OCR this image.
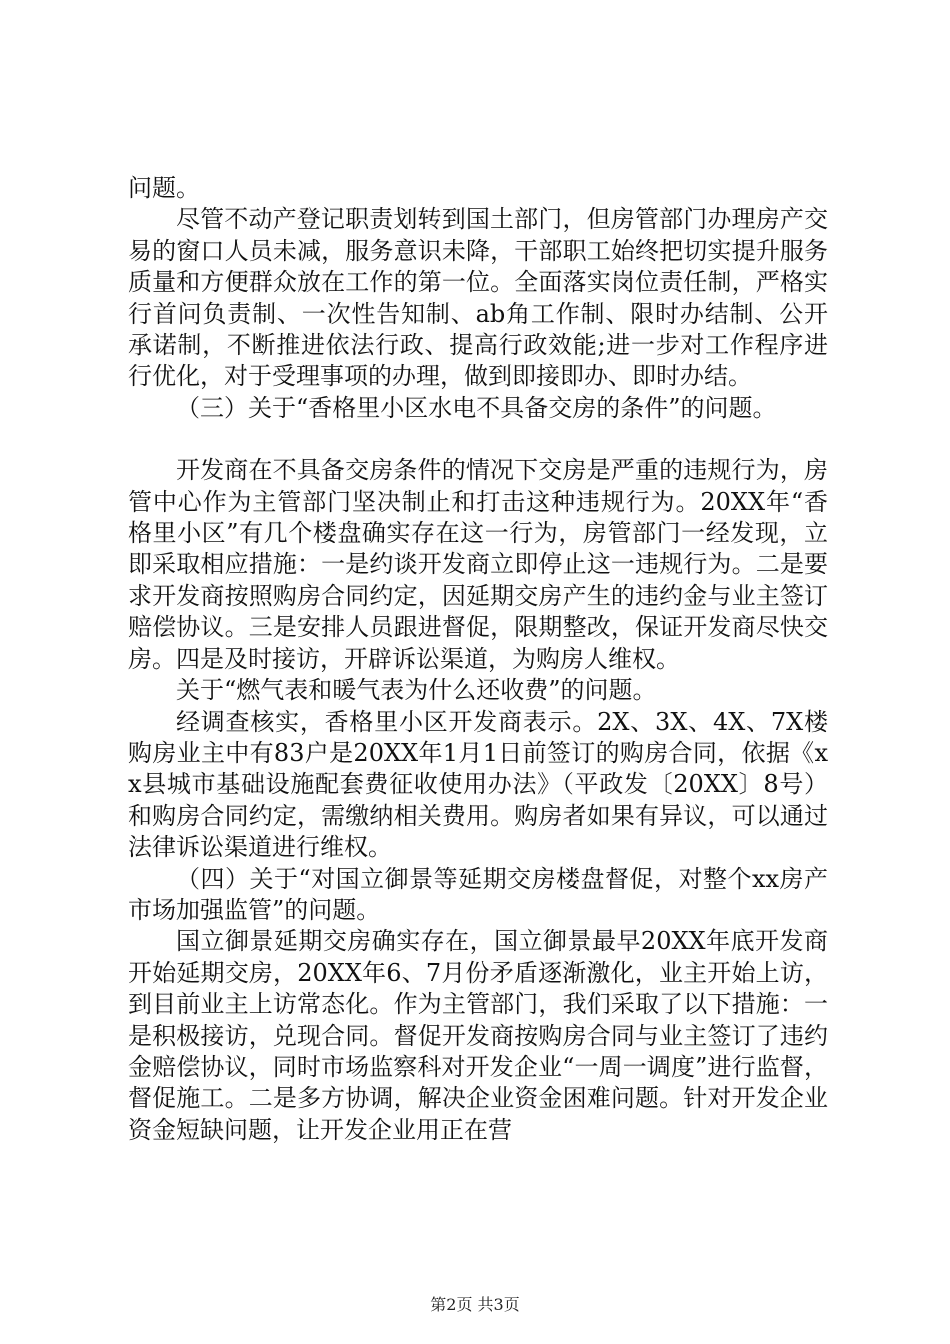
问题。

尽管不动产登记职责划转到国土部门，但房管部门办理房产交易的窗口人员未减，服务意识未降，干部职工始终把切实提升服务质量和方便群众放在工作的第一位。全面落实岗位责任制，严格实行首问负责制、一次性告知制、ab角工作制、限时办结制、公开承诺制，不断推进依法行政、提高行政效能;进一步对工作程序进行优化，对于受理事项的办理，做到即接即办、即时办结。

（三）关于“香格里小区水电不具备交房的条件”的问题。

开发商在不具备交房条件的情况下交房是严重的违规行为，房管中心作为主管部门坚决制止和打击这种违规行为。20XX年“香格里小区”有几个楼盘确实存在这一行为，房管部门一经发现，立即采取相应措施：一是约谈开发商立即停止这一违规行为。二是要求开发商按照购房合同约定，因延期交房产生的违约金与业主签订赔偿协议。三是安排人员跟进督促，限期整改，保证开发商尽快交房。四是及时接访，开辟诉讼渠道，为购房人维权。

关于“燃气表和暖气表为什么还收费”的问题。

经调查核实，香格里小区开发商表示。2X、3X、4X、7X楼购房业主中有83户是20XX年1月1日前签订的购房合同，依据《xx县城市基础设施配套费征收使用办法》（平政发〔20XX〕8号）和购房合同约定，需缴纳相关费用。购房者如果有异议，可以通过法律诉讼渠道进行维权。

（四）关于“对国立御景等延期交房楼盘督促，对整个xx房产市场加强监管”的问题。

国立御景延期交房确实存在，国立御景最早20XX年底开发商开始延期交房，20XX年6、7月份矛盾逐渐激化，业主开始上访，到目前业主上访常态化。作为主管部门，我们采取了以下措施：一是积极接访，兑现合同。督促开发商按购房合同与业主签订了违约金赔偿协议，同时市场监察科对开发企业“一周一调度”进行监督，督促施工。二是多方协调，解决企业资金困难问题。针对开发企业资金短缺问题，让开发企业用正在营

第2页 共3页
